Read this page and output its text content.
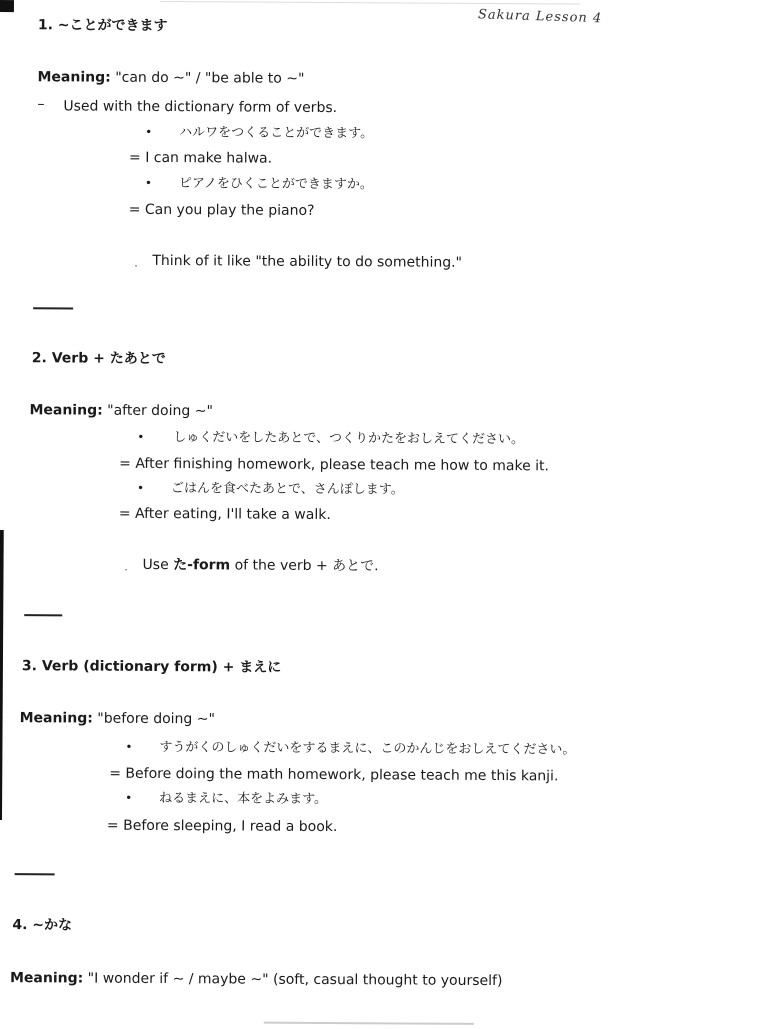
Sakura Lesson 4
1. ~ことができます
Meaning: "can do ~" / "be able to ~"
– Used with the dictionary form of verbs.
• ハルワをつくることができます。
= I can make halwa.
• ピアノをひくことができますか。
= Can you play the piano?
˯ Think of it like "the ability to do something."
2. Verb + たあとで
Meaning: "after doing ~"
• しゅくだいをしたあとで、つくりかたをおしえてください。
= After finishing homework, please teach me how to make it.
• ごはんを食べたあとで、さんぽします。
= After eating, I'll take a walk.
˯ Use た-form of the verb + あとで.
3. Verb (dictionary form) + まえに
Meaning: "before doing ~"
• すうがくのしゅくだいをするまえに、このかんじをおしえてください。
= Before doing the math homework, please teach me this kanji.
• ねるまえに、本をよみます。
= Before sleeping, I read a book.
4. ~かな
Meaning: "I wonder if ~ / maybe ~" (soft, casual thought to yourself)
